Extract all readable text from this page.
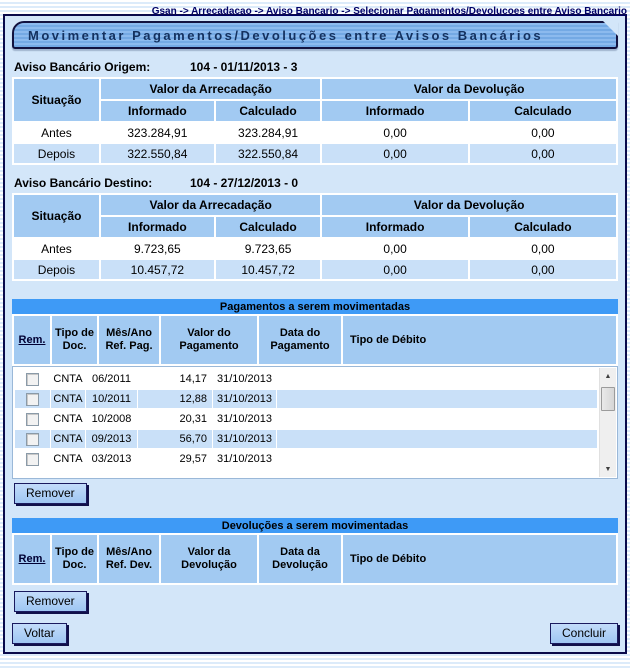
Gsan -> Arrecadacao -> Aviso Bancario -> Selecionar Pagamentos/Devolucoes entre Aviso Bancario
Movimentar Pagamentos/Devoluções entre Avisos Bancários
Aviso Bancário Origem:	104 - 01/11/2013 - 3
Situação	Valor da Arrecadação		Valor da Devolução	
	Informado	Calculado	Informado	Calculado
Antes	323.284,91	323.284,91	0,00	0,00
Depois	322.550,84	322.550,84	0,00	0,00
Aviso Bancário Destino:	104 - 27/12/2013 - 0
Situação	Valor da Arrecadação		Valor da Devolução	
	Informado	Calculado	Informado	Calculado
Antes	9.723,65	9.723,65	0,00	0,00
Depois	10.457,72	10.457,72	0,00	0,00
Pagamentos a serem movimentadas
Rem.	Tipo de Doc.	Mês/Ano Ref. Pag.	Valor do Pagamento	Data do Pagamento	Tipo de Débito
	CNTA	06/2011	14,17	31/10/2013	
	CNTA	10/2011	12,88	31/10/2013	
	CNTA	10/2008	20,31	31/10/2013	
	CNTA	09/2013	56,70	31/10/2013	
	CNTA	03/2013	29,57	31/10/2013	
▲
▼
Remover
Devoluções a serem movimentadas
Rem.	Tipo de Doc.	Mês/Ano Ref. Dev.	Valor da Devolução	Data da Devolução	Tipo de Débito
Remover
Voltar	Concluir
